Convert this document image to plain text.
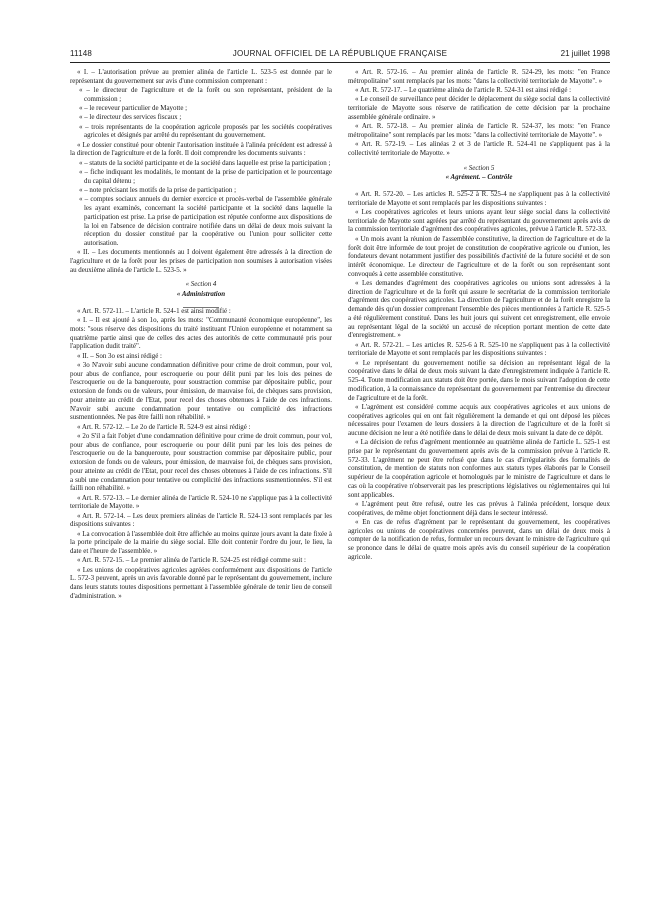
11148	JOURNAL OFFICIEL DE LA RÉPUBLIQUE FRANÇAISE	21 juillet 1998

« I. – L'autorisation prévue au premier alinéa de l'article L. 523-5 est donnée par le représentant du gouvernement sur avis d'une commission comprenant :

« – le directeur de l'agriculture et de la forêt ou son représentant, président de la commission ;

« – le receveur particulier de Mayotte ;

« – le directeur des services fiscaux ;

« – trois représentants de la coopération agricole proposés par les sociétés coopératives agricoles et désignés par arrêté du représentant du gouvernement.

« Le dossier constitué pour obtenir l'autorisation instituée à l'alinéa précédent est adressé à la direction de l'agriculture et de la forêt. Il doit comprendre les documents suivants :

« – statuts de la société participante et de la société dans laquelle est prise la participation ;

« – fiche indiquant les modalités, le montant de la prise de participation et le pourcentage du capital détenu ;

« – note précisant les motifs de la prise de participation ;

« – comptes sociaux annuels du dernier exercice et procès-verbal de l'assemblée générale les ayant examinés, concernant la société participante et la société dans laquelle la participation est prise. La prise de participation est réputée conforme aux dispositions de la loi en l'absence de décision contraire notifiée dans un délai de deux mois suivant la réception du dossier constitué par la coopérative ou l'union pour solliciter cette autorisation.

« II. – Les documents mentionnés au I doivent également être adressés à la direction de l'agriculture et de la forêt pour les prises de participation non soumises à autorisation visées au deuxième alinéa de l'article L. 523-5. »

« Section 4

« Administration

« Art. R. 572-11. – L'article R. 524-1 est ainsi modifié :

« I. – Il est ajouté à son 1o, après les mots: "Communauté économique européenne", les mots: "sous réserve des dispositions du traité instituant l'Union européenne et notamment sa quatrième partie ainsi que de celles des actes des autorités de cette communauté pris pour l'application dudit traité".

« II. – Son 3o est ainsi rédigé :

« 3o N'avoir subi aucune condamnation définitive pour crime de droit commun, pour vol, pour abus de confiance, pour escroquerie ou pour délit puni par les lois des peines de l'escroquerie ou de la banqueroute, pour soustraction commise par dépositaire public, pour extorsion de fonds ou de valeurs, pour émission, de mauvaise foi, de chèques sans provision, pour atteinte au crédit de l'Etat, pour recel des choses obtenues à l'aide de ces infractions. N'avoir subi aucune condamnation pour tentative ou complicité des infractions susmentionnées. Ne pas être failli non réhabilité. »

« Art. R. 572-12. – Le 2o de l'article R. 524-9 est ainsi rédigé :

« 2o S'il a fait l'objet d'une condamnation définitive pour crime de droit commun, pour vol, pour abus de confiance, pour escroquerie ou pour délit puni par les lois des peines de l'escroquerie ou de la banqueroute, pour soustraction commise par dépositaire public, pour extorsion de fonds ou de valeurs, pour émission, de mauvaise foi, de chèques sans provision, pour atteinte au crédit de l'Etat, pour recel des choses obtenues à l'aide de ces infractions. S'il a subi une condamnation pour tentative ou complicité des infractions susmentionnées. S'il est failli non réhabilité. »

« Art. R. 572-13. – Le dernier alinéa de l'article R. 524-10 ne s'applique pas à la collectivité territoriale de Mayotte. »

« Art. R. 572-14. – Les deux premiers alinéas de l'article R. 524-13 sont remplacés par les dispositions suivantes :

« La convocation à l'assemblée doit être affichée au moins quinze jours avant la date fixée à la porte principale de la mairie du siège social. Elle doit contenir l'ordre du jour, le lieu, la date et l'heure de l'assemblée. »

« Art. R. 572-15. – Le premier alinéa de l'article R. 524-25 est rédigé comme suit :

« Les unions de coopératives agricoles agréées conformément aux dispositions de l'article L. 572-3 peuvent, après un avis favorable donné par le représentant du gouvernement, inclure dans leurs statuts toutes dispositions permettant à l'assemblée générale de tenir lieu de conseil d'administration. »

« Art. R. 572-16. – Au premier alinéa de l'article R. 524-29, les mots: "en France métropolitaine" sont remplacés par les mots: "dans la collectivité territoriale de Mayotte". »

« Art. R. 572-17. – Le quatrième alinéa de l'article R. 524-31 est ainsi rédigé :

« Le conseil de surveillance peut décider le déplacement du siège social dans la collectivité territoriale de Mayotte sous réserve de ratification de cette décision par la prochaine assemblée générale ordinaire. »

« Art. R. 572-18. – Au premier alinéa de l'article R. 524-37, les mots: "en France métropolitaine" sont remplacés par les mots: "dans la collectivité territoriale de Mayotte". »

« Art. R. 572-19. – Les alinéas 2 et 3 de l'article R. 524-41 ne s'appliquent pas à la collectivité territoriale de Mayotte. »

« Section 5

« Agrément. – Contrôle

« Art. R. 572-20. – Les articles R. 525-2 à R. 525-4 ne s'appliquent pas à la collectivité territoriale de Mayotte et sont remplacés par les dispositions suivantes :

« Les coopératives agricoles et leurs unions ayant leur siège social dans la collectivité territoriale de Mayotte sont agréées par arrêté du représentant du gouvernement après avis de la commission territoriale d'agrément des coopératives agricoles, prévue à l'article R. 572-33.

« Un mois avant la réunion de l'assemblée constitutive, la direction de l'agriculture et de la forêt doit être informée de tout projet de constitution de coopérative agricole ou d'union, les fondateurs devant notamment justifier des possibilités d'activité de la future société et de son intérêt économique. Le directeur de l'agriculture et de la forêt ou son représentant sont convoqués à cette assemblée constitutive.

« Les demandes d'agrément des coopératives agricoles ou unions sont adressées à la direction de l'agriculture et de la forêt qui assure le secrétariat de la commission territoriale d'agrément des coopératives agricoles. La direction de l'agriculture et de la forêt enregistre la demande dès qu'un dossier comprenant l'ensemble des pièces mentionnées à l'article R. 525-5 a été régulièrement constitué. Dans les huit jours qui suivent cet enregistrement, elle envoie au représentant légal de la société un accusé de réception portant mention de cette date d'enregistrement. »

« Art. R. 572-21. – Les articles R. 525-6 à R. 525-10 ne s'appliquent pas à la collectivité territoriale de Mayotte et sont remplacés par les dispositions suivantes :

« Le représentant du gouvernement notifie sa décision au représentant légal de la coopérative dans le délai de deux mois suivant la date d'enregistrement indiquée à l'article R. 525-4. Toute modification aux statuts doit être portée, dans le mois suivant l'adoption de cette modification, à la connaissance du représentant du gouvernement par l'entremise du directeur de l'agriculture et de la forêt.

« L'agrément est considéré comme acquis aux coopératives agricoles et aux unions de coopératives agricoles qui en ont fait régulièrement la demande et qui ont déposé les pièces nécessaires pour l'examen de leurs dossiers à la direction de l'agriculture et de la forêt si aucune décision ne leur a été notifiée dans le délai de deux mois suivant la date de ce dépôt.

« La décision de refus d'agrément mentionnée au quatrième alinéa de l'article L. 525-1 est prise par le représentant du gouvernement après avis de la commission prévue à l'article R. 572-33. L'agrément ne peut être refusé que dans le cas d'irrégularités des formalités de constitution, de mention de statuts non conformes aux statuts types élaborés par le Conseil supérieur de la coopération agricole et homologués par le ministre de l'agriculture et dans le cas où la coopérative n'observerait pas les prescriptions législatives ou réglementaires qui lui sont applicables.

« L'agrément peut être refusé, outre les cas prévus à l'alinéa précédent, lorsque deux coopératives, de même objet fonctionnent déjà dans le secteur intéressé.

« En cas de refus d'agrément par le représentant du gouvernement, les coopératives agricoles ou unions de coopératives concernées peuvent, dans un délai de deux mois à compter de la notification de refus, formuler un recours devant le ministre de l'agriculture qui se prononce dans le délai de quatre mois après avis du conseil supérieur de la coopération agricole.
